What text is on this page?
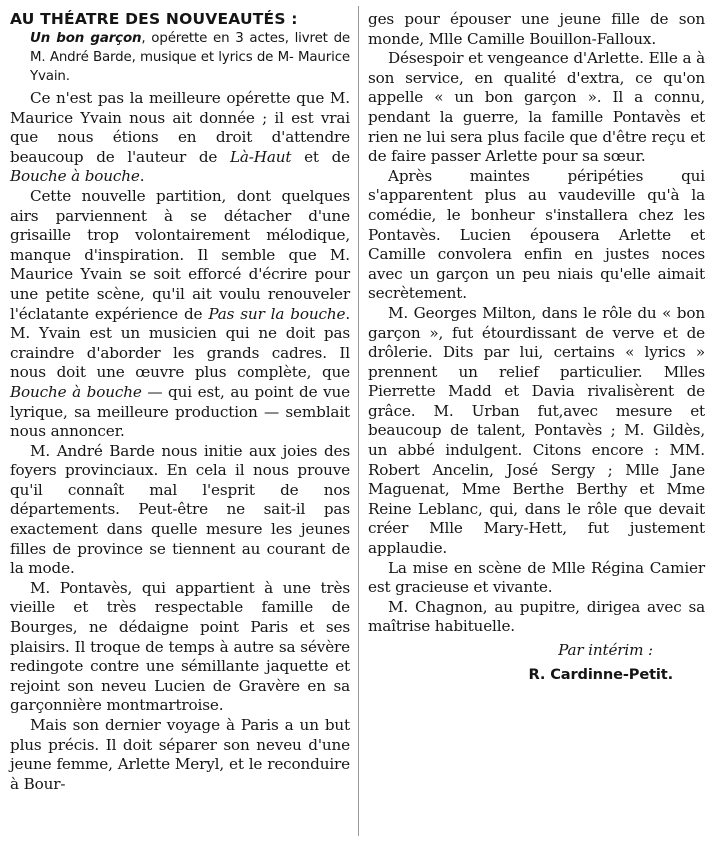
AU THÉATRE DES NOUVEAUTÉS :
Un bon garçon, opérette en 3 actes, livret de M. André Barde, musique et lyrics de M- Maurice Yvain.

Ce n'est pas la meilleure opérette que M. Maurice Yvain nous ait donnée ; il est vrai que nous étions en droit d'attendre beaucoup de l'auteur de Là-Haut et de Bouche à bouche.

Cette nouvelle partition, dont quelques airs parviennent à se détacher d'une grisaille trop volontairement mélodique, manque d'inspiration. Il semble que M. Maurice Yvain se soit efforcé d'écrire pour une petite scène, qu'il ait voulu renouveler l'éclatante expérience de Pas sur la bouche. M. Yvain est un musicien qui ne doit pas craindre d'aborder les grands cadres. Il nous doit une œuvre plus complète, que Bouche à bouche — qui est, au point de vue lyrique, sa meilleure production — semblait nous annoncer.

M. André Barde nous initie aux joies des foyers provinciaux. En cela il nous prouve qu'il connaît mal l'esprit de nos départements. Peut-être ne sait-il pas exactement dans quelle mesure les jeunes filles de province se tiennent au courant de la mode.

M. Pontavès, qui appartient à une très vieille et très respectable famille de Bourges, ne dédaigne point Paris et ses plaisirs. Il troque de temps à autre sa sévère redingote contre une sémillante jaquette et rejoint son neveu Lucien de Gravère en sa garçonnière montmartroise.

Mais son dernier voyage à Paris a un but plus précis. Il doit séparer son neveu d'une jeune femme, Arlette Meryl, et le reconduire à Bour-

ges pour épouser une jeune fille de son monde, Mlle Camille Bouillon-Falloux.

Désespoir et vengeance d'Arlette. Elle a à son service, en qualité d'extra, ce qu'on appelle « un bon garçon ». Il a connu, pendant la guerre, la famille Pontavès et rien ne lui sera plus facile que d'être reçu et de faire passer Arlette pour sa sœur.

Après maintes péripéties qui s'apparentent plus au vaudeville qu'à la comédie, le bonheur s'installera chez les Pontavès. Lucien épousera Arlette et Camille convolera enfin en justes noces avec un garçon un peu niais qu'elle aimait secrètement.

M. Georges Milton, dans le rôle du « bon garçon », fut étourdissant de verve et de drôlerie. Dits par lui, certains « lyrics » prennent un relief particulier. Mlles Pierrette Madd et Davia rivalisèrent de grâce. M. Urban fut,avec mesure et beaucoup de talent, Pontavès ; M. Gildès, un abbé indulgent. Citons encore : MM. Robert Ancelin, José Sergy ; Mlle Jane Maguenat, Mme Berthe Berthy et Mme Reine Leblanc, qui, dans le rôle que devait créer Mlle Mary-Hett, fut justement applaudie.

La mise en scène de Mlle Régina Camier est gracieuse et vivante.

M. Chagnon, au pupitre, dirigea avec sa maîtrise habituelle.

Par intérim :
R. Cardinne-Petit.
